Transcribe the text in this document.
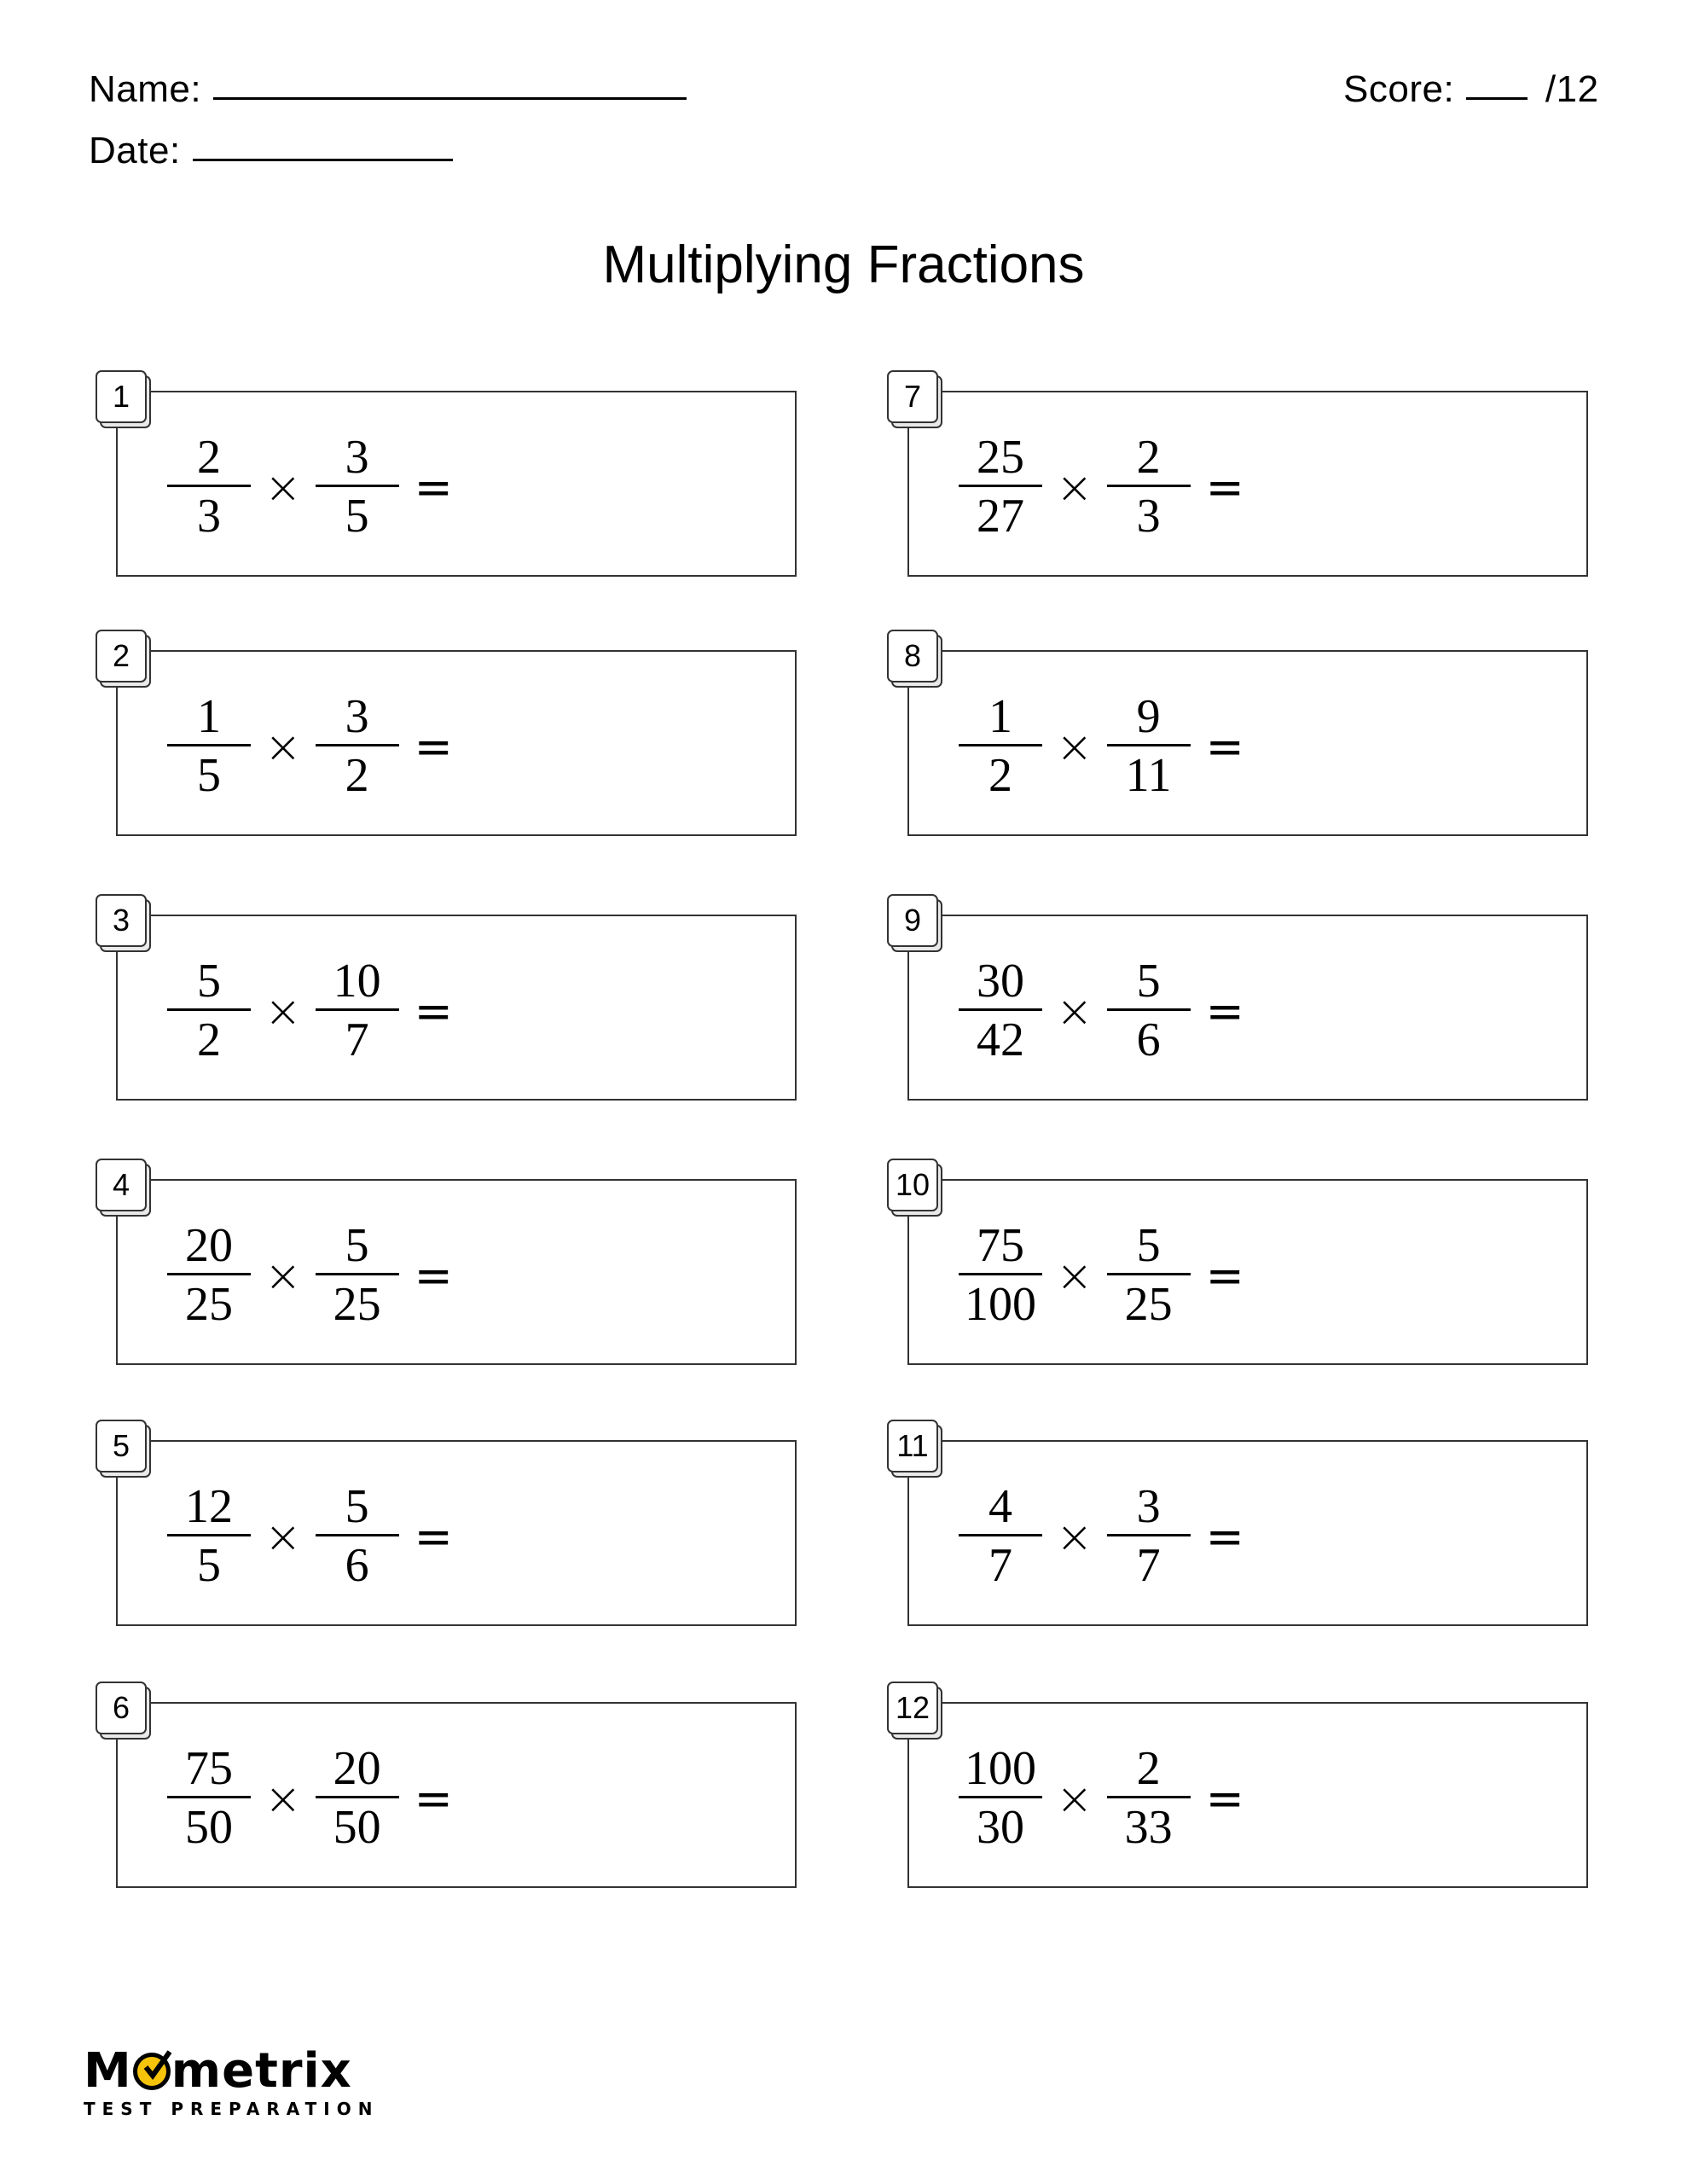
Name:
Date:
Score: /12
Multiplying Fractions
1
$\frac{2}{3} \times \frac{3}{5}$ =
2
$\frac{1}{5} \times \frac{3}{2}$ =
3
$\frac{5}{2} \times \frac{10}{7}$ =
4
$\frac{20}{25} \times \frac{5}{25}$ =
5
$\frac{12}{5} \times \frac{5}{6}$ =
6
$\frac{75}{50} \times \frac{20}{50}$ =
7
$\frac{25}{27} \times \frac{2}{3}$ =
8
$\frac{1}{2} \times \frac{9}{11}$ =
9
$\frac{30}{42} \times \frac{5}{6}$ =
10
$\frac{75}{100} \times \frac{5}{25}$ =
11
$\frac{4}{7} \times \frac{3}{7}$ =
12
$\frac{100}{30} \times \frac{2}{33}$ =
M metrix
TEST PREPARATION
